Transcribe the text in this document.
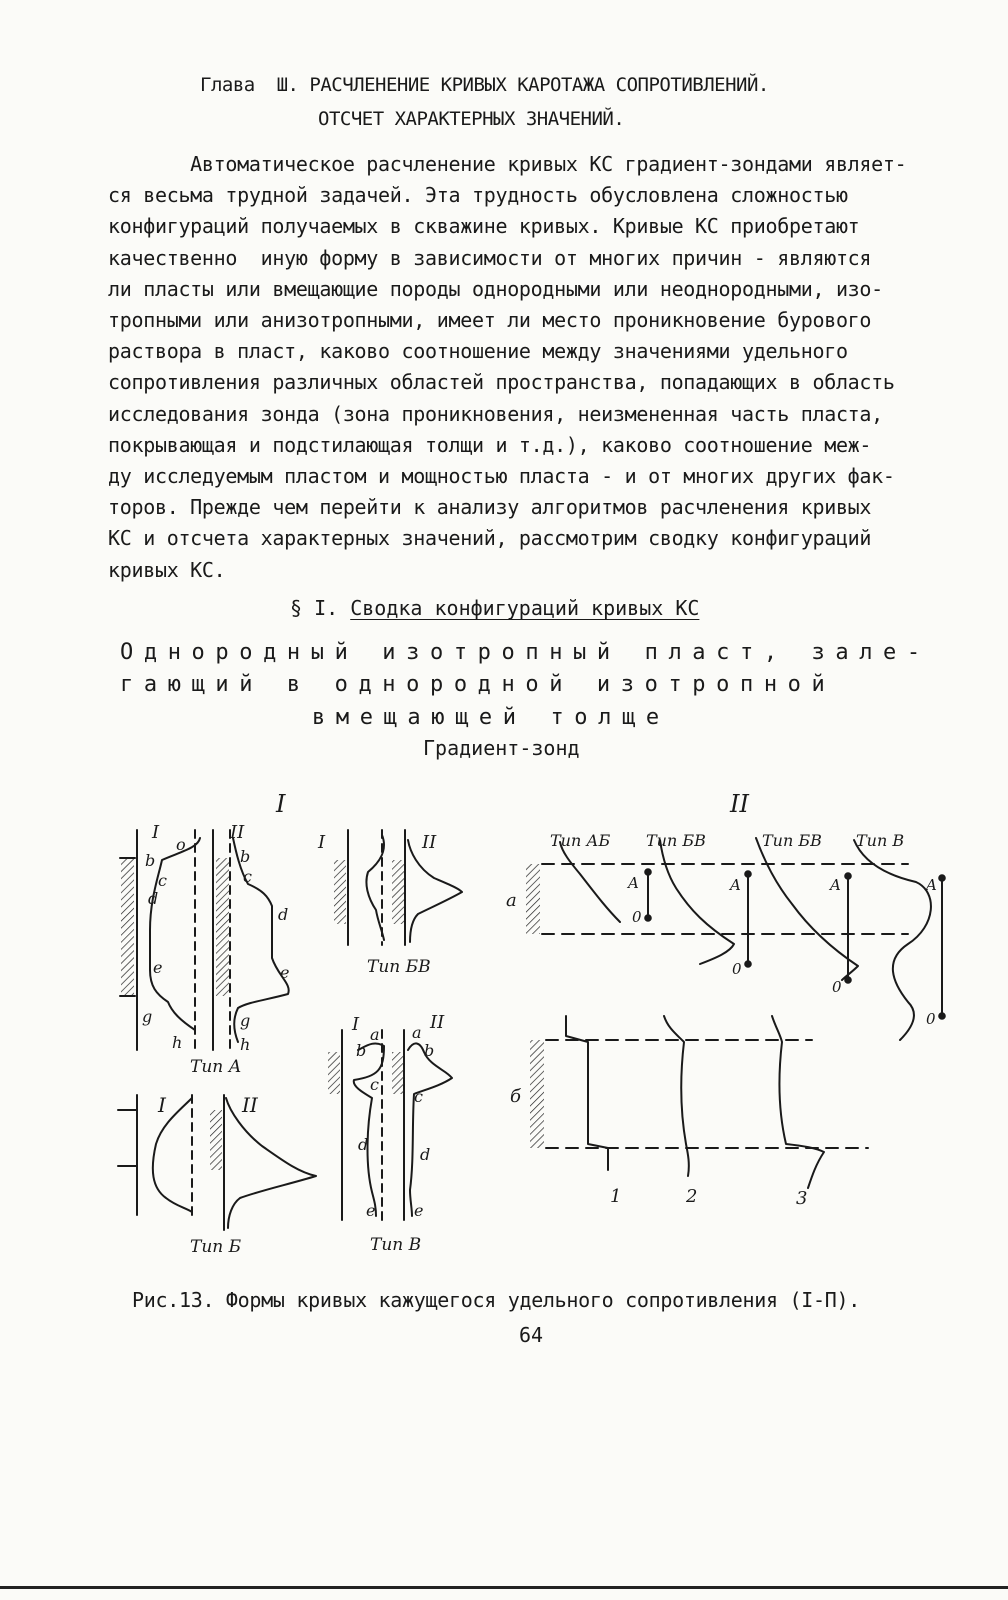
Глава  Ш. РАСЧЛЕНЕНИЕ КРИВЫХ КАРОТАЖА СОПРОТИВЛЕНИЙ.
ОТСЧЕТ ХАРАКТЕРНЫХ ЗНАЧЕНИЙ.
Автоматическое расчленение кривых КС градиент-зондами являет-
ся весьма трудной задачей. Эта трудность обусловлена сложностью
конфигураций получаемых в скважине кривых. Кривые КС приобретают
качественно  иную форму в зависимости от многих причин - являются
ли пласты или вмещающие породы однородными или неоднородными, изо-
тропными или анизотропными, имеет ли место проникновение бурового
раствора в пласт, каково соотношение между значениями удельного
сопротивления различных областей пространства, попадающих в область
исследования зонда (зона проникновения, неизмененная часть пласта,
покрывающая и подстилающая толщи и т.д.), каково соотношение меж-
ду исследуемым пластом и мощностью пласта - и от многих других фак-
торов. Прежде чем перейти к анализу алгоритмов расчленения кривых
КС и отсчета характерных значений, рассмотрим сводку конфигураций
кривых КС.
§ I. Сводка конфигураций кривых КС
Однородный изотропный пласт, зале-
гающий в однородной изотропной
вмещающей толще
Градиент-зонд
I
I
o
b
c
d
e
g
h
II
b
c
d
e
g
h
Тип А
I	II
Тип Б
I	II
Тип БВ
I	II
a a
b	b
c
c
d
d
e e
Тип В
II
а
Тип АБ Тип БВ	Тип БВ Тип В
A
0
A
0
A
0
A
0
б
1	2	3
Рис.13. Формы кривых кажущегося удельного сопротивления (I-П).
64
